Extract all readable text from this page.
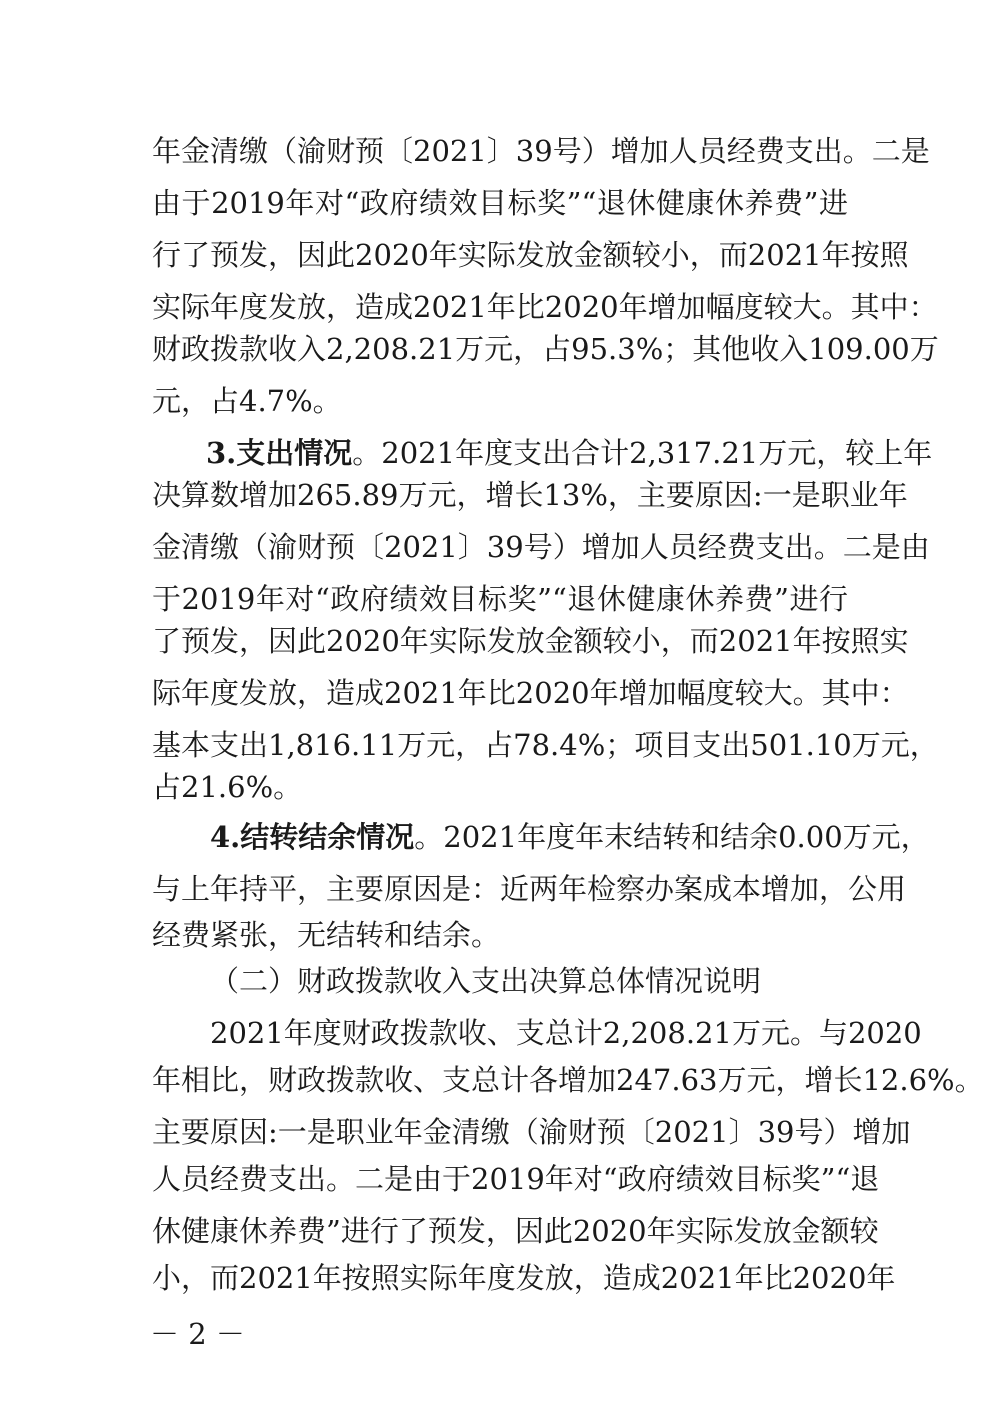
年金清缴（渝财预〔2021〕39号）增加人员经费支出。二是
由于2019年对“政府绩效目标奖”“退休健康休养费”进
行了预发，因此2020年实际发放金额较小，而2021年按照
实际年度发放，造成2021年比2020年增加幅度较大。其中：
财政拨款收入2,208.21万元，占95.3%；其他收入109.00万
元，占4.7%。
3.支出情况。2021年度支出合计2,317.21万元，较上年
决算数增加265.89万元，增长13%，主要原因:一是职业年
金清缴（渝财预〔2021〕39号）增加人员经费支出。二是由
于2019年对“政府绩效目标奖”“退休健康休养费”进行
了预发，因此2020年实际发放金额较小，而2021年按照实
际年度发放，造成2021年比2020年增加幅度较大。其中：
基本支出1,816.11万元，占78.4%；项目支出501.10万元，
占21.6%。
4.结转结余情况。2021年度年末结转和结余0.00万元，
与上年持平，主要原因是：近两年检察办案成本增加，公用
经费紧张，无结转和结余。
（二）财政拨款收入支出决算总体情况说明
2021年度财政拨款收、支总计2,208.21万元。与2020
年相比，财政拨款收、支总计各增加247.63万元，增长12.6%。
主要原因:一是职业年金清缴（渝财预〔2021〕39号）增加
人员经费支出。二是由于2019年对“政府绩效目标奖”“退
休健康休养费”进行了预发，因此2020年实际发放金额较
小，而2021年按照实际年度发放，造成2021年比2020年
－ 2 －
